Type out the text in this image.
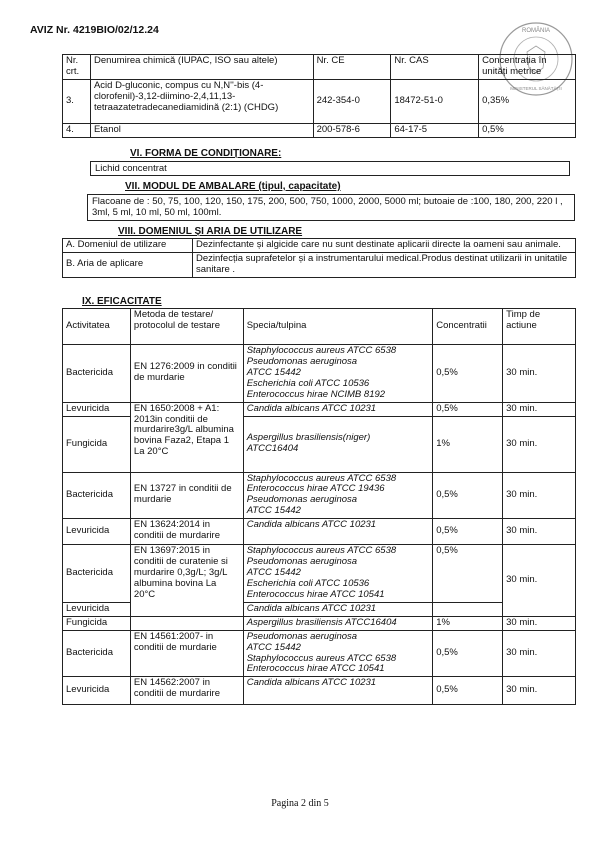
AVIZ Nr. 4219BIO/02/12.24	ROMÂNIA
MINISTERUL SĂNĂTĂȚII
Nr. crt.	Denumirea chimică (IUPAC, ISO sau altele)	Nr. CE	Nr. CAS	Concentrația în unități metrice
3.	Acid D-gluconic, compus cu N,N''-bis (4-clorofenil)-3,12-diimino-2,4,11,13-tetraazatetradecanediamidină (2:1) (CHDG)	242-354-0	18472-51-0	0,35%
4.	Etanol	200-578-6	64-17-5	0,5%
VI. FORMA DE CONDIȚIONARE:
Lichid concentrat
VII. MODUL DE AMBALARE (tipul, capacitate)
Flacoane de : 50, 75, 100, 120, 150, 175, 200, 500, 750, 1000, 2000, 5000 ml; butoaie de :100, 180, 200, 220 l , 3ml, 5 ml, 10 ml, 50 ml, 100ml.
VIII. DOMENIUL ȘI ARIA DE UTILIZARE
A. Domeniul de utilizare	Dezinfectante și algicide care nu sunt destinate aplicarii directe la oameni sau animale.
B. Aria de aplicare	Dezinfecția suprafetelor și a instrumentarului medical.Produs destinat utilizarii in unitatile sanitare .
IX. EFICACITATE
Activitatea	Metoda de testare/ protocolul de testare	Specia/tulpina	Concentratii	Timp de actiune
Bactericida	EN 1276:2009 in conditii de murdarie	Staphylococcus aureus ATCC 6538
Pseudomonas aeruginosa
ATCC 15442
Escherichia coli ATCC 10536
Enterococcus hirae NCIMB 8192	0,5%	30 min.
Levuricida	EN 1650:2008 + A1: 2013in conditii de murdarire3g/L albumina bovina Faza2, Etapa 1 La 20°C	Candida albicans ATCC 10231	0,5%	30 min.
Fungicida		Aspergillus brasiliensis(niger)
ATCC16404	1%	30 min.
Bactericida	EN 13727 in conditii de murdarie	Staphylococcus aureus ATCC 6538
Enterococcus hirae ATCC 19436
Pseudomonas aeruginosa
ATCC 15442	0,5%	30 min.
Levuricida	EN 13624:2014 in conditii de murdarire	Candida albicans ATCC 10231	0,5%	30 min.
Bactericida	EN 13697:2015 in conditii de curatenie si murdarire 0,3g/L; 3g/L albumina bovina La 20°C	Staphylococcus aureus ATCC 6538
Pseudomonas aeruginosa
ATCC 15442
Escherichia coli ATCC 10536
Enterococcus hirae ATCC 10541	0,5%	30 min.
Levuricida		Candida albicans ATCC 10231		

Fungicida		Aspergillus brasiliensis ATCC16404	1%	30 min.
Bactericida	EN 14561:2007- in conditii de murdarie	Pseudomonas aeruginosa
ATCC 15442
Staphylococcus aureus ATCC 6538
Enterococcus hirae ATCC 10541	0,5%	30 min.
Levuricida	EN 14562:2007 in conditii de murdarire	Candida albicans ATCC 10231	0,5%	30 min.
Pagina 2 din 5
